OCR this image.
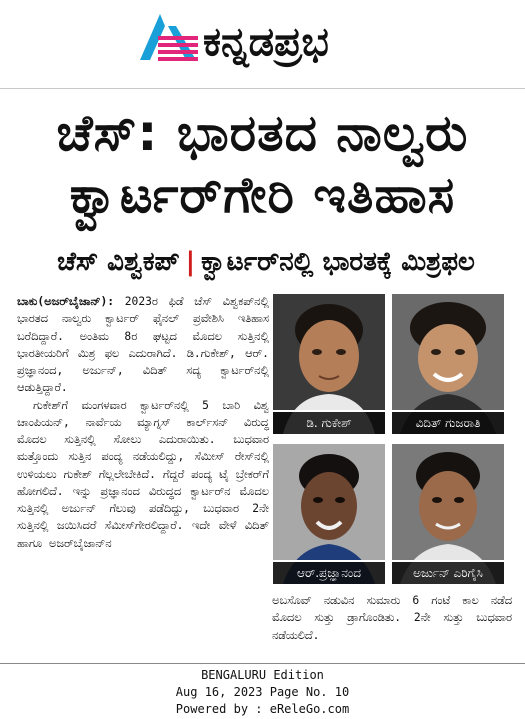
ಕನ್ನಡಪ್ರಭ
ಚೆಸ್: ಭಾರತದ ನಾಲ್ವರು
ಕ್ವಾರ್ಟರ್‌ಗೇರಿ ಇತಿಹಾಸ
ಚೆಸ್ ವಿಶ್ವಕಪ್ | ಕ್ವಾರ್ಟರ್‌ನಲ್ಲಿ ಭಾರತಕ್ಕೆ ಮಿಶ್ರಫಲ

ಬಾಕು(ಅಜರ್‌ಬೈಜಾನ್): 2023ರ ಫಿಡೆ ಚೆಸ್ ವಿಶ್ವಕಪ್‌ನಲ್ಲಿ ಭಾರತದ ನಾಲ್ವರು ಕ್ವಾರ್ಟರ್ ಫೈನಲ್ ಪ್ರವೇಶಿಸಿ ಇತಿಹಾಸ ಬರೆದಿದ್ದಾರೆ. ಅಂತಿಮ 8ರ ಘಟ್ಟದ ಮೊದಲ ಸುತ್ತಿನಲ್ಲಿ ಭಾರತೀಯರಿಗೆ ಮಿಶ್ರ ಫಲ ಎದುರಾಗಿದೆ. ಡಿ.ಗುಕೇಶ್, ಆರ್. ಪ್ರಜ್ಞಾನಂದ, ಅರ್ಜುನ್, ವಿದಿತ್ ಸದ್ಯ ಕ್ವಾರ್ಟರ್‌ನಲ್ಲಿ ಆಡುತ್ತಿದ್ದಾರೆ.

ಗುಕೇಶ್‌ಗೆ ಮಂಗಳವಾರ ಕ್ವಾರ್ಟರ್‌ನಲ್ಲಿ 5 ಬಾರಿ ವಿಶ್ವ ಚಾಂಪಿಯನ್, ನಾರ್ವೆಯ ಮ್ಯಾಗ್ನಸ್ ಕಾರ್ಲ್‌ಸನ್ ವಿರುದ್ಧ ಮೊದಲ ಸುತ್ತಿನಲ್ಲಿ ಸೋಲು ಎದುರಾಯಿತು. ಬುಧವಾರ ಮತ್ತೊಂದು ಸುತ್ತಿನ ಪಂದ್ಯ ನಡೆಯಲಿದ್ದು, ಸೆಮೀಸ್ ರೇಸ್‌ನಲ್ಲಿ ಉಳಿಯಲು ಗುಕೇಶ್ ಗೆಲ್ಲಲೇಬೇಕಿದೆ. ಗೆದ್ದರೆ ಪಂದ್ಯ ಟೈ ಬ್ರೇಕರ್‌ಗೆ ಹೋಗಲಿದೆ. ಇನ್ನು ಪ್ರಜ್ಞಾನಂದ ವಿರುದ್ಧದ ಕ್ವಾರ್ಟರ್‌ನ ಮೊದಲ ಸುತ್ತಿನಲ್ಲಿ ಅರ್ಜುನ್ ಗೆಲುವು ಪಡೆದಿದ್ದು, ಬುಧವಾರ 2ನೇ ಸುತ್ತಿನಲ್ಲಿ ಜಯಿಸಿದರೆ ಸೆಮೀಸ್‌ಗೇರಲಿದ್ದಾರೆ. ಇದೇ ವೇಳೆ ವಿದಿತ್ ಹಾಗೂ ಅಜರ್‌ಬೈಜಾನ್‌ನ

ಡಿ. ಗುಕೇಶ್	ವಿದಿತ್ ಗುಜರಾತಿ
ಆರ್.ಪ್ರಜ್ಞಾನಂದ	ಅರ್ಜುನ್ ಎರಿಗೈಸಿ
ಅಬಸೊವ್ ನಡುವಿನ ಸುಮಾರು 6 ಗಂಟೆ ಕಾಲ ನಡೆದ ಮೊದಲ ಸುತ್ತು ಡ್ರಾಗೊಂಡಿತು. 2ನೇ ಸುತ್ತು ಬುಧವಾರ ನಡೆಯಲಿದೆ.
BENGALURU Edition
Aug 16, 2023 Page No. 10
Powered by : eReleGo.com
